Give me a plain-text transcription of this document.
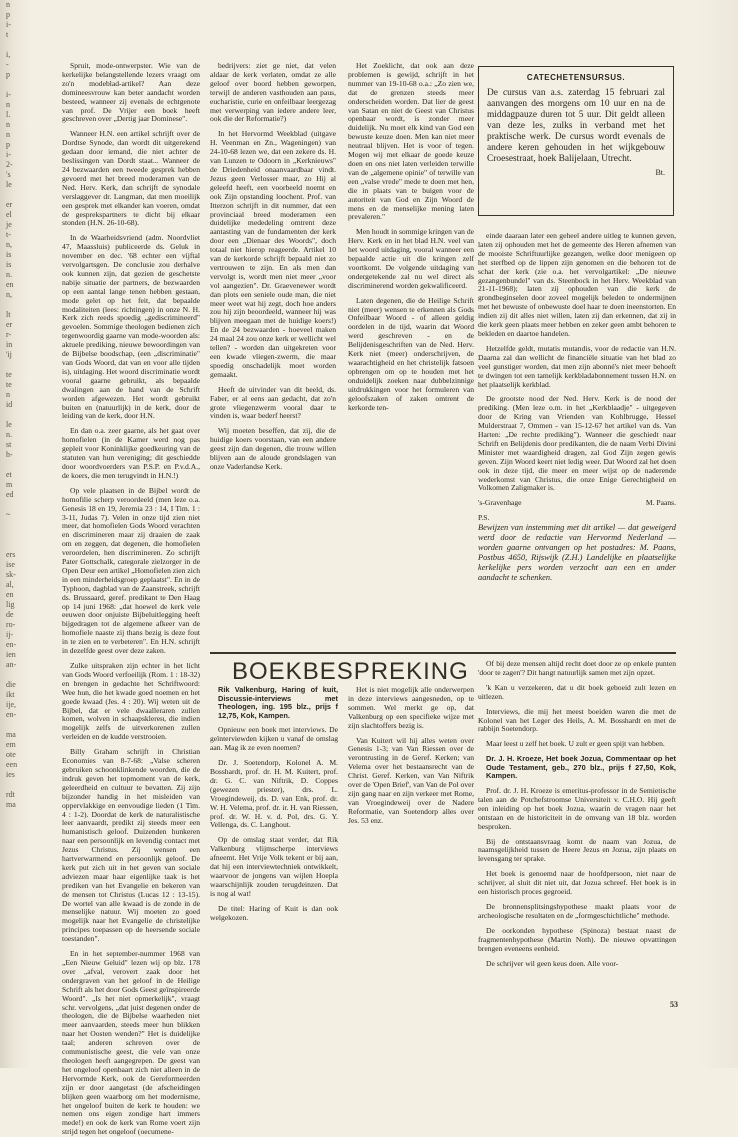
n
p
i-
t

i,
-
p

i-
n
l.
n
n
p
i-
2-
's
le

er
el
je
t-
n,
is
is
n.
en
n,

lt
er
r-
in
'ij

te
te
n
id

le
n.
st
h-

et
m
ed

~

ers
ise
sk-
al,
en
lig
de
ro-
ij-
en-
ien
an-

die
ikt
ije,
en-

ma
em
ote
een
ies

rdt
ma

Spruit, mode-ontwerpster. Wie van de kerkelijke belangstellende lezers vraagt om zo'n modeblad-artikel? Aan deze domineesvrouw kan beter aandacht worden besteed, wanneer zij evenals de echtgenote van prof. De Vrijer een boek heeft geschreven over „Dertig jaar Dominese".

Wanneer H.N. een artikel schrijft over de Dordtse Synode, dan wordt dit uitgerekend gedaan door iemand, die niet achter de beslissingen van Dordt staat... Wanneer de 24 bezwaarden een tweede gesprek hebben gevoerd met het breed moderamen van de Ned. Herv. Kerk, dan schrijft de synodale verslaggever dr. Langman, dat men moeilijk een gesprek met elkander kan voeren, omdat de gesprekspartners te dicht bij elkaar stonden (H.N. 26-10-68).

In de Waarheidsvriend (adm. Noordvliet 47, Maassluis) publiceerde ds. Geluk in november en dec. '68 echter een vijftal vervolgartsgen. De conclusie zou derhalve ook kunnen zijn, dat gezien de geschetste nabije situatie der partners, de bezwaarden op een aantal lange tenen hebben gestaan, mode gelet op het feit, dat bepaalde modaliteiten (lees: richtingen) in onze N. H. Kerk zich reeds spoedig „gediscrimineerd" gevoelen. Sommige theologen bedienen zich tegenwoordig gaarne van mode-woorden als: aktuele prediking, nieuwe bewoordingen van de Bijbelse boodschap, (een „discriminatie" van Gods Woord, dat van en voor alle tijden is), uitdaging. Het woord discriminatie wordt vooral gaarne gebruikt, als bepaalde dwalingen aan de hand van de Schrift worden afgewezen. Het wordt gebruikt buiten en (natuurlijk) in de kerk, door de leiding van de kerk, door H.N.

En dan o.a. zeer gaarne, als het gaat over homofielen (in de Kamer werd nog pas gepleit voor Koninklijke goedkeuring van de statuten van hun vereniging; dit geschiedde door woordvoerders van P.S.P. en P.v.d.A., de koers, die men terugvindt in H.N.!)

Op vele plaatsen in de Bijbel wordt de homofilie scherp veroordeeld (men leze o.a. Genesis 18 en 19, Jeremia 23 : 14, I Tim. 1 : 3-11, Judas 7). Velen in onze tijd zien niet meer, dat homofielen Gods Woord verachten en discrimineren maar zij draaien de zaak om en zeggen, dat degenen, die homofielen veroordelen, hen discrimineren. Zo schrijft Pater Gottschalk, categorale zielzorger in de Open Deur een artikel „Homofielen zien zich in een minderheidsgroep geplaatst". En in de Typhoon, dagblad van de Zaanstreek, schrijft ds. Brussaard, geref. predikant te Den Haag op 14 juni 1968: „dat hoewel de kerk vele eeuwen door onjuiste Bijbeluitlegging heeft bijgedragen tot de algemene afkeer van de homofiele naaste zij thans bezig is deze fout in te zien en te verbeteren". En H.N. schrijft in dezelfde geest over deze zaken.

Zulke uitspraken zijn echter in het licht van Gods Woord verfoeilijk (Rom. 1 : 18-32) en brengen in gedachte het Schriftwoord: Wee hun, die het kwade goed noemen en het goede kwaad (Jes. 4 : 20). Wij weten uit de Bijbel, dat er vele dwaalleraren zullen komen, wolven in schaapsklerен, die indien mogelijk zelfs de uitverkorenen zullen verleiden en de kudde verstrooien.

Billy Graham schrijft in Christian Economies van 8-7-68: „Valse scheren gebruiken schoonklinkende woorden, die de indruk geven het topmoment van de kerk, geleerdheid en cultuur te bevatten. Zij zijn bijzonder handig in het misleiden van oppervlakkige en eenvoudige lieden (1 Tim. 4 : 1-2). Doordat de kerk de naturalistische leer aanvaardt, predikt zij steeds meer een humanistisch geloof. Duizenden hunkeren naar een persoonlijk en levendig contact met Jezus Christus. Zij wensen een hartverwarmend en persoonlijk geloof. De kerk put zich uit in het geven van sociale adviezen maar haar eigenlijke taak is het prediken van het Evangelie en bekeren van de mensen tot Christus (Lucas 12 : 13-15). De wortel van alle kwaad is de zonde in de menselijke natuur. Wij moeten zo goed mogelijk naar het Evangelie de christelijke principes toepassen op de heersende sociale toestanden".

En in het september-nummer 1968 van „Een Nieuw Geluid" lezen wij op blz. 178 over „afval, verovert zaak door het ondergraven van het geloof in de Heilige Schrift als het door Gods Geest geïnspireerde Woord". „Is het niet opmerkelijk", vraagt schr. vervolgens, „dat juist degenen onder de theologen, die de Bijbelse waarheden niet meer aanvaarden, steeds meer hun blikken naar het Oosten wenden?" Het is duidelijke taal; anderen schreven over de communistische geest, die vele van onze theologen heeft aangegrepen. De geest van het ongeloof openbaart zich niet alleen in de Hervormde Kerk, ook de Gereformeerden zijn er door aangetast (de afscheidingen blijken geen waarborg om het modernisme, het ongeloof buiten de kerk te houden: we nemen ons eigen zondige hart immers mede!) en ook de kerk van Rome voert zijn strijd tegen het ongeloof (oecumene-

bedrijvers: ziet ge niet, dat velen aldaar de kerk verlaten, omdat ze alle geloof over boord hebben geworpen, terwijl de anderen vasthouden aan paus, eucharistie, curie en onfeilbaar leergezag met verwerping van iedere andere leer, ook die der Reformatie?)

In het Hervormd Weekblad (uitgave H. Veenman en Zn., Wageningen) van 24-10-68 lezen we, dat een zekere ds. H. van Lunzen te Odoorn in „Kerknieuws" de Driedenheid onaanvaardbaar vindt. Jezus geen Verlosser maar, zo Hij al geleefd heeft, een voorbeeld noemt en ook Zijn opstanding loochent. Prof. van Itterzon schrijft in dit nummer, dat een provinciaal breed moderamen een duidelijke mededeling omtrent deze aantasting van de fundamenten der kerk door een „Dienaar des Woords", doch totaal niet hierop reageerde. Artikel 10 van de kerkorde schrijft bepaald niet zo vertrouwen te zijn. En als men dan vervolgt is, wordt men niet meer „voor vol aangezien". Dr. Graevenewer wordt dan plots een seniele oude man, die niet meer weet wat hij zegt, doch hoe anders zou hij zijn beoordeeld, wanneer hij was blijven meegaan met de huidige koers!) En de 24 bezwaarden - hoeveel maken 24 maal 24 zou onze kerk er wellicht wel tellen? - worden dan uitgekreten voor een kwade vliegen-zwerm, die maar spoedig onschadelijk moet worden gemaakt.

Heeft de uitvinder van dit beeld, ds. Faber, er al eens aan gedacht, dat zo'n grote vliegenzwerm vooral daar te vinden is, waar bederf heerst?

Wij moeten beseffen, dat zij, die de huidige koers voorstaan, van een andere geest zijn dan degenen, die trouw willen blijven aan de aloude grondslagen van onze Vaderlandse Kerk.

Het Zoeklicht, dat ook aan deze problemen is gewijd, schrijft in het nummer van 19-10-68 o.a.: „Zo zien we, dat de grenzen steeds meer onderscheiden worden. Dat lier de geest van Satan en niet de Geest van Christus openbaar wordt, is zonder meer duidelijk. Nu moet elk kind van God een bewuste keuze doen. Men kan niet meer neutraal blijven. Het is voor of tegen. Mogen wij met elkaar de goede keuze doen en ons niet laten verleiden terwille van de „algemene opinie" of terwille van een „valse vrede" mede te doen met hen, die in plaats van te buigen voor de autoriteit van God en Zijn Woord de mens en de menselijke mening laten prevaleren."

Men houdt in sommige kringen van de Herv. Kerk en in het blad H.N. veel van het woord uitdaging, vooral wanneer een bepaalde actie uit die kringen zelf voortkomt. De volgende uitdaging van ondergetekende zal nu wel direct als discriminerend worden gekwalificeerd.

Laten degenen, die de Heilige Schrift niet (meer) wensen te erkennen als Gods Onfeilbaar Woord - of alleen geldig oordelen in de tijd, waarin dat Woord werd geschreven - en de Belijdenisgeschriften van de Ned. Herv. Kerk niet (meer) onderschrijven, de waarachtigheid en het christelijk fatsoen opbrengen om op te houden met het onduidelijk zoeken naar dubbelzinnige uitdrukkingen voor het formuleren van geloofszaken of zaken omtrent de kerkorde ten-

CATECHETENSURSUS.
De cursus van a.s. zaterdag 15 februari zal aanvangen des morgens om 10 uur en na de middagpauze duren tot 5 uur. Dit geldt alleen van deze les, zulks in verband met het praktische werk. De cursus wordt evenals de andere keren gehouden in het wijkgebouw Croesestraat, hoek Balijelaan, Utrecht.
Bt.

einde daaraan later een geheel andere uitleg te kunnen geven, laten zij ophouden met het de gemeente des Heren afnemen van de mooiste Schriftuurlijke gezangen, welke door menigeen op het sterfbed op de lippen zijn genomen en die behoren tot de schat der kerk (zie o.a. het vervolgartikel: „De nieuwe gezangenbundel" van ds. Steenbock in het Herv. Weekblad van 21-11-1968); laten zij ophouden van die kerk de grondbeginselen door zoveel mogelijk beleden te ondermijnen met het bewuste of onbewuste doel haar te doen ineenstorten. En indien zij dit alles niet willen, laten zij dan erkennen, dat zij in die kerk geen plaats meer hebben en zeker geen ambt behoren te bekleden en daartoe handelen.

Hetzelfde geldt, mutatis mutandis, voor de redactie van H.N. Daarna zal dan wellicht de financiële situatie van het blad zo veel gunstiger worden, dat men zijn abonné's niet meer behoeft te dwingen tot een tamelijk kerkbladabonnement tussen H.N. en het plaatselijk kerkblad.

De grootste nood der Ned. Herv. Kerk is de nood der prediking. (Men leze o.m. in het „Kerkblaadje" - uitgegeven door de Kring van Vrienden van Kohlbrugge, Hessel Mulderstraat 7, Ommen - van 15-12-67 het artikel van ds. Van Harten: „De rechte prediking"). Wanneer die geschiedt naar Schrift en Belijdenis door predikanten, die de naam Verbi Divini Minister met waardigheid dragen, zal God Zijn zegen gewis geven. Zijn Woord keert niet ledig weer. Dat Woord zal het doen ook in deze tijd, die meer en meer wijst op de naderende wederkomst van Christus, die onze Enige Gerechtigheid en Volkomen Zaligmaker is.

's-Gravenhage	M. Paans.
P.S.
Bewijzen van instemming met dit artikel — dat geweigerd werd door de redactie van Hervormd Nederland — worden gaarne ontvangen op het postadres: M. Paans, Postbus 4650, Rijswijk (Z.H.) Landelijke en plaatselijke kerkelijke pers worden verzocht aan een en ander aandacht te schenken.
BOEKBESPREKING
Rik Valkenburg, Haring of kuit, Discussie-interviews met Theologen, ing. 195 blz., prijs f 12,75, Kok, Kampen.

Opnieuw een boek met interviews. De geïnterviewden kijken u vanaf de omslag aan. Mag ik ze even noemen?

Dr. J. Soetendorp, Kolonel A. M. Bosshardt, prof. dr. H. M. Kuitert, prof. dr. G. C. van Niftrik, D. Coppes (gewezen priester), drs. L. Vroegindeweij, ds. D. van Enk, prof. dr. W. H. Velema, prof. dr. ir. H. van Riessen, prof. dr. W. H. v. d. Pol, drs. G. Y. Vellenga, ds. C. Langhout.

Op de omslag staat verder, dat Rik Valkenburg vlijmscherpe interviews afneemt. Het Vrije Volk tekent er bij aan, dat hij een interviewtechniek ontwikkelt, waarvoor de jongens van wijlen Hoepla waarschijnlijk zouden terugdeinzen. Dat is nog al wat!

De titel: Haring of Kuit is dan ook welgekozen.

Het is niet mogelijk alle onderwerpen in deze interviews aangesneden, op te sommen. Wel merkt ge op, dat Valkenburg op een specifieke wijze met zijn slachtoffers bezig is.

Van Kuitert wil hij alles weten over Genesis 1-3; van Van Riessen over de verontrusting in de Geref. Kerken; van Velema over het bestaansrecht van de Christ. Geref. Kerken, van Van Niftrik over de 'Open Brief', van Van de Pol over zijn gang naar en zijn verkeer met Rome, van Vroegindeweij over de Nadere Reformatie, van Soetendorp alles over Jes. 53 enz.

Of bij deze mensen altijd recht doet door ze op enkele punten 'door te zagen'? Dit hangt natuurlijk samen met zijn opzet.

'k Kan u verzekeren, dat u dit boek geboeid zult lezen en uitlezen.

Interviews, die mij het meest boeiden waren die met de Kolonel van het Leger des Heils, A. M. Bosshardt en met de rabbijn Soetendorp.

Maar leest u zelf het boek. U zult er geen spijt van hebben.

Dr. J. H. Kroeze, Het boek Jozua, Commentaar op het Oude Testament, geb., 270 blz., prijs f 27,50, Kok, Kampen.

Prof. dr. J. H. Kroeze is emeritus-professor in de Semietische talen aan de Potchefstroomse Universiteit v. C.H.O. Hij geeft een inleiding op het boek Jozua, waarin de vragen naar het ontstaan en de historiciteit in de omvang van 18 blz. worden besproken.

Bij de ontstaansvraag komt de naam van Jozua, de naamsgelijkheid tussen de Heere Jezus en Jozua, zijn plaats en levensgang ter sprake.

Het boek is genoemd naar de hoofdpersoon, niet naar de schrijver, al sluit dit niet uit, dat Jozua schreef. Het boek is in een historisch proces gegroeid.

De bronnensplitsingshypothese maakt plaats voor de archeologische resultaten en de „formgeschichtliche" methode.

De oorkonden hypothese (Spinoza) bestaat naast de fragmentenhypothese (Martin Noth). De nieuwe opvattingen brengen eveneens eenheid.

De schrijver wil geen keus doen. Alle voor-

53
